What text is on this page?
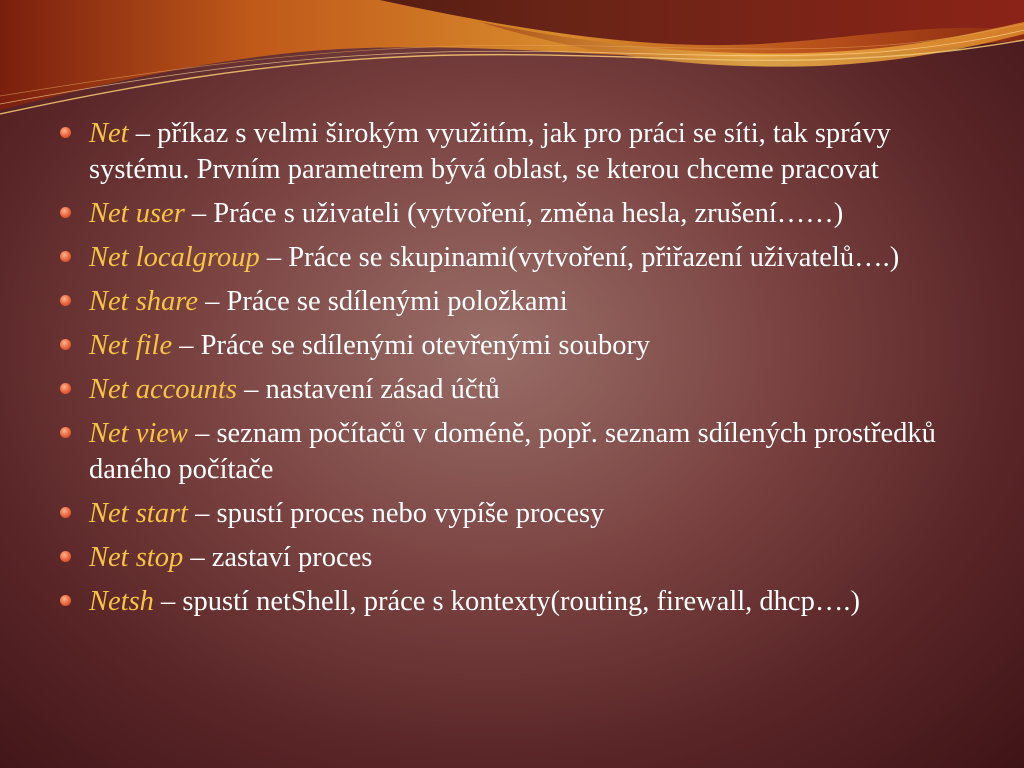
Net – příkaz s velmi širokým využitím, jak pro práci se síti, tak správy systému. Prvním parametrem bývá oblast, se kterou chceme pracovat
Net user – Práce s uživateli (vytvoření, změna hesla, zrušení……)
Net localgroup – Práce se skupinami(vytvoření, přiřazení uživatelů….)
Net share – Práce se sdílenými položkami
Net file – Práce se sdílenými otevřenými soubory
Net accounts – nastavení zásad účtů
Net view – seznam počítačů v doméně, popř. seznam sdílených prostředků daného počítače
Net start – spustí proces nebo vypíše procesy
Net stop – zastaví proces
Netsh – spustí netShell, práce s kontexty(routing, firewall, dhcp….)
